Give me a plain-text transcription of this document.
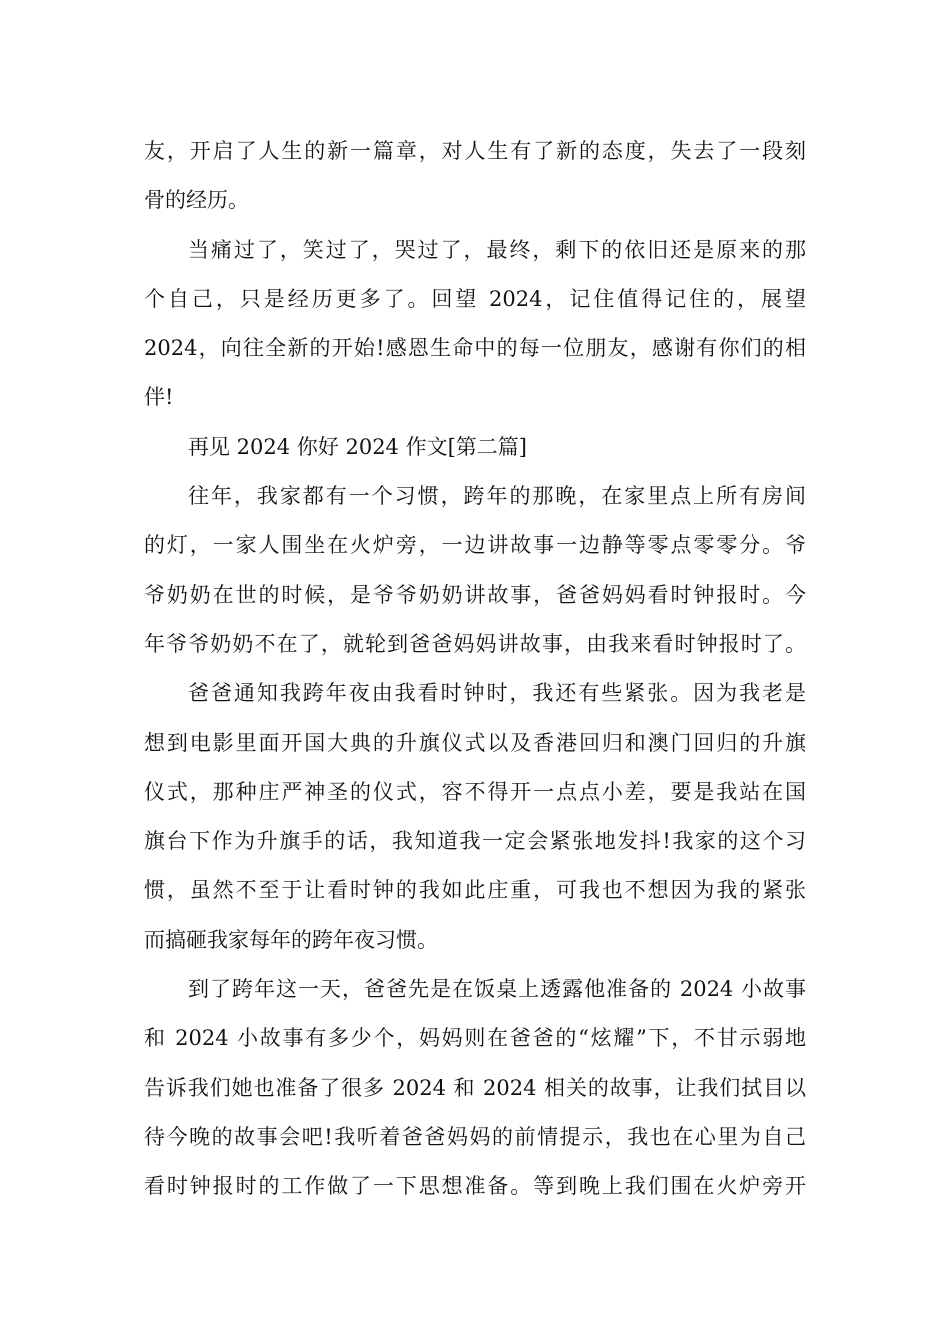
友，开启了人生的新一篇章，对人生有了新的态度，失去了一段刻
骨的经历。
当痛过了，笑过了，哭过了，最终，剩下的依旧还是原来的那
个自己，只是经历更多了。回望 2024，记住值得记住的，展望
2024，向往全新的开始!感恩生命中的每一位朋友，感谢有你们的相
伴!
再见 2024 你好 2024 作文[第二篇]
往年，我家都有一个习惯，跨年的那晚，在家里点上所有房间
的灯，一家人围坐在火炉旁，一边讲故事一边静等零点零零分。爷
爷奶奶在世的时候，是爷爷奶奶讲故事，爸爸妈妈看时钟报时。今
年爷爷奶奶不在了，就轮到爸爸妈妈讲故事，由我来看时钟报时了。
爸爸通知我跨年夜由我看时钟时，我还有些紧张。因为我老是
想到电影里面开国大典的升旗仪式以及香港回归和澳门回归的升旗
仪式，那种庄严神圣的仪式，容不得开一点点小差，要是我站在国
旗台下作为升旗手的话，我知道我一定会紧张地发抖!我家的这个习
惯，虽然不至于让看时钟的我如此庄重，可我也不想因为我的紧张
而搞砸我家每年的跨年夜习惯。
到了跨年这一天，爸爸先是在饭桌上透露他准备的 2024 小故事
和 2024 小故事有多少个，妈妈则在爸爸的“炫耀”下，不甘示弱地
告诉我们她也准备了很多 2024 和 2024 相关的故事，让我们拭目以
待今晚的故事会吧!我听着爸爸妈妈的前情提示，我也在心里为自己
看时钟报时的工作做了一下思想准备。等到晚上我们围在火炉旁开
